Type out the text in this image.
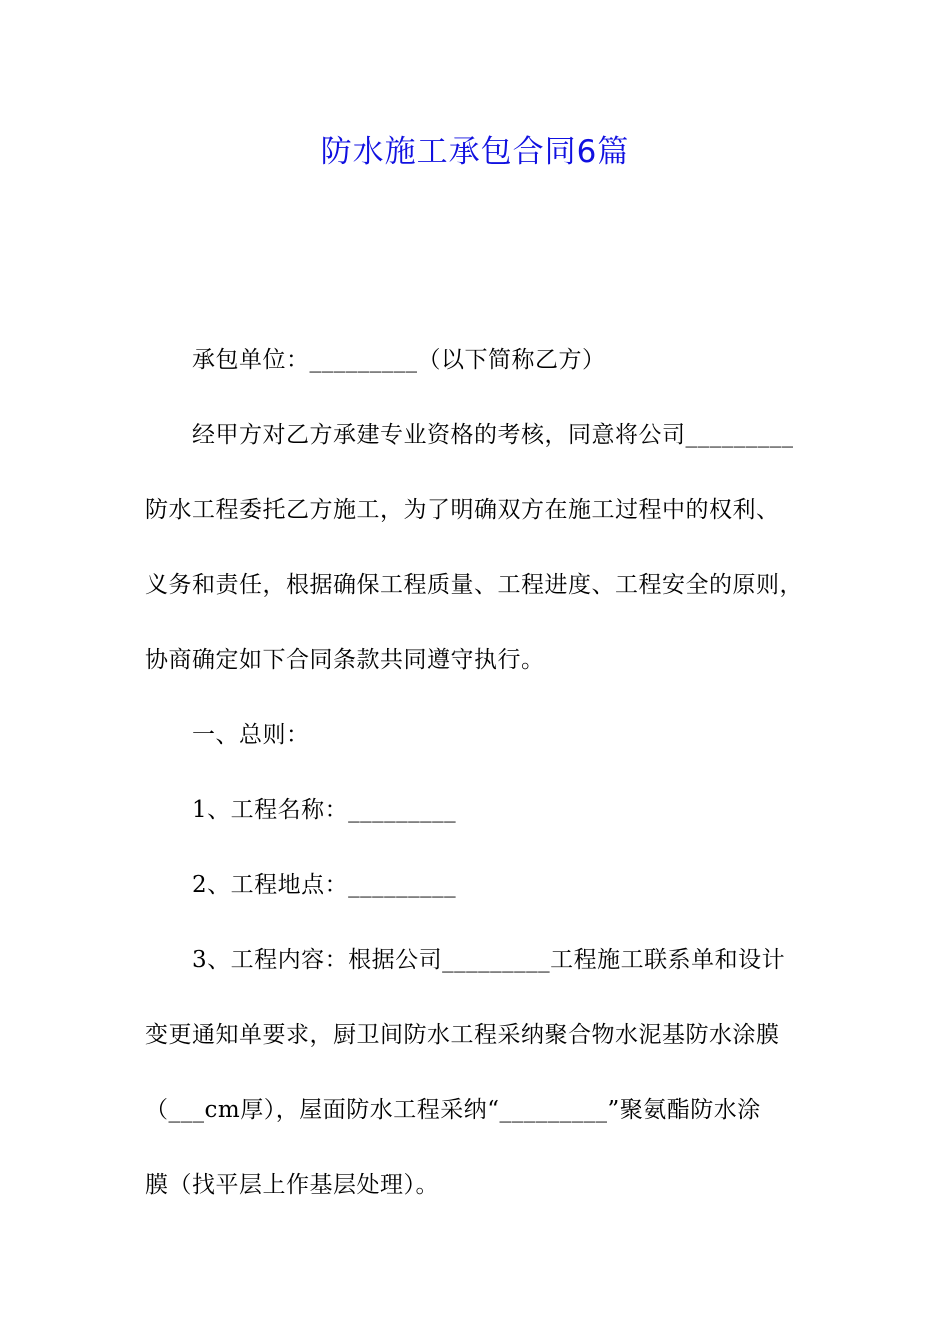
防水施工承包合同6篇
承包单位：_________（以下简称乙方）
经甲方对乙方承建专业资格的考核，同意将公司_________
防水工程委托乙方施工，为了明确双方在施工过程中的权利、
义务和责任，根据确保工程质量、工程进度、工程安全的原则，
协商确定如下合同条款共同遵守执行。
一、总则：
1、工程名称：_________
2、工程地点：_________
3、工程内容：根据公司_________工程施工联系单和设计
变更通知单要求，厨卫间防水工程采纳聚合物水泥基防水涂膜
（___cm厚），屋面防水工程采纳“_________”聚氨酯防水涂
膜（找平层上作基层处理）。
